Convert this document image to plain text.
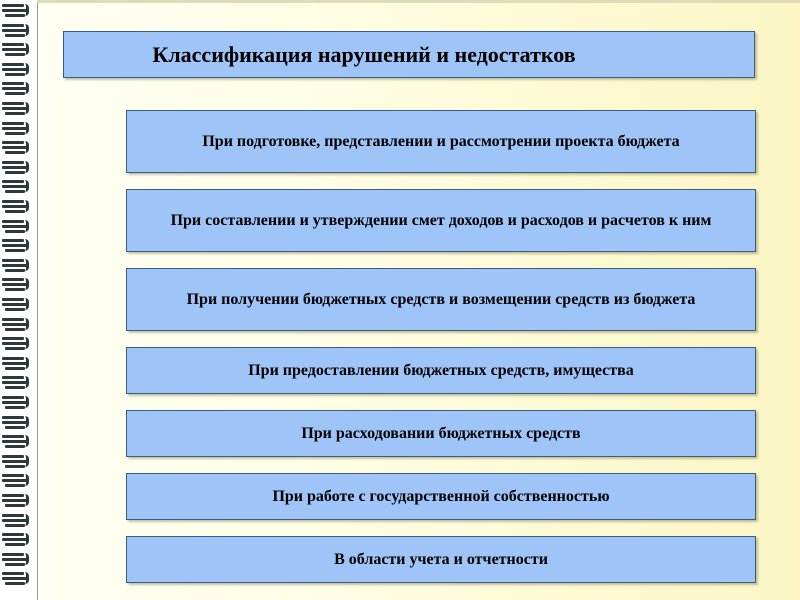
Классификация нарушений и недостатков
При подготовке, представлении и рассмотрении проекта бюджета
При составлении и утверждении смет доходов и расходов и расчетов к ним
При получении бюджетных средств и возмещении средств из бюджета
При предоставлении бюджетных средств, имущества
При расходовании бюджетных средств
При работе с государственной собственностью
В области учета и отчетности
